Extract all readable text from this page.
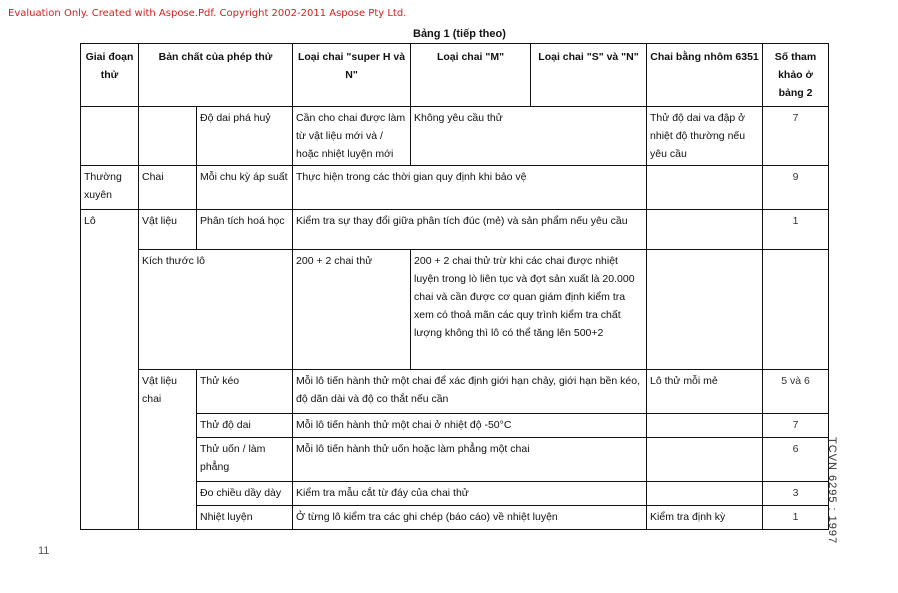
Evaluation Only. Created with Aspose.Pdf. Copyright 2002-2011 Aspose Pty Ltd.
Bảng 1 (tiếp theo)
Giai đoạn thử	Bản chất của phép thử		Loại chai "super H và N"	Loại chai "M"	Loại chai "S" và "N"	Chai bằng nhôm 6351	Số tham khảo ở bảng 2
		Độ dai phá huỷ	Cần cho chai được làm từ vật liệu mới và / hoặc nhiệt luyện mới	Không yêu cầu thử		Thử độ dai va đập ở nhiệt độ thường nếu yêu cầu	7
Thường xuyên	Chai	Mỗi chu kỳ áp suất	Thực hiện trong các thời gian quy định khi bảo vệ				9
Lô	Vật liệu	Phân tích hoá học	Kiểm tra sự thay đổi giữa phân tích đúc (mẻ) và sản phẩm nếu yêu cầu				1
	Kích thước lô		200 + 2 chai thử	200 + 2 chai thử trừ khi các chai được nhiệt luyện trong lò liên tục và đợt sản xuất là 20.000 chai và cần được cơ quan giám định kiểm tra xem có thoả mãn các quy trình kiểm tra chất lượng không thì lô có thể tăng lên 500+2			
	Vật liệu chai	Thử kéo	Mỗi lô tiến hành thử một chai để xác định giới hạn chảy, giới hạn bền kéo, độ dãn dài và độ co thắt nếu cần			Lô thử mỗi mẻ	5 và 6
		Thử độ dai	Mỗi lô tiến hành thử một chai ở nhiệt độ -50°C				7
		Thử uốn / làm phẳng	Mỗi lô tiến hành thử uốn hoặc làm phẳng một chai				6
		Đo chiều dầy dày	Kiểm tra mẫu cắt từ đáy của chai thử				3
		Nhiệt luyện	Ở từng lô kiểm tra các ghi chép (báo cáo) về nhiệt luyện			Kiểm tra định kỳ	1	TCVN 6295 : 1997
11
